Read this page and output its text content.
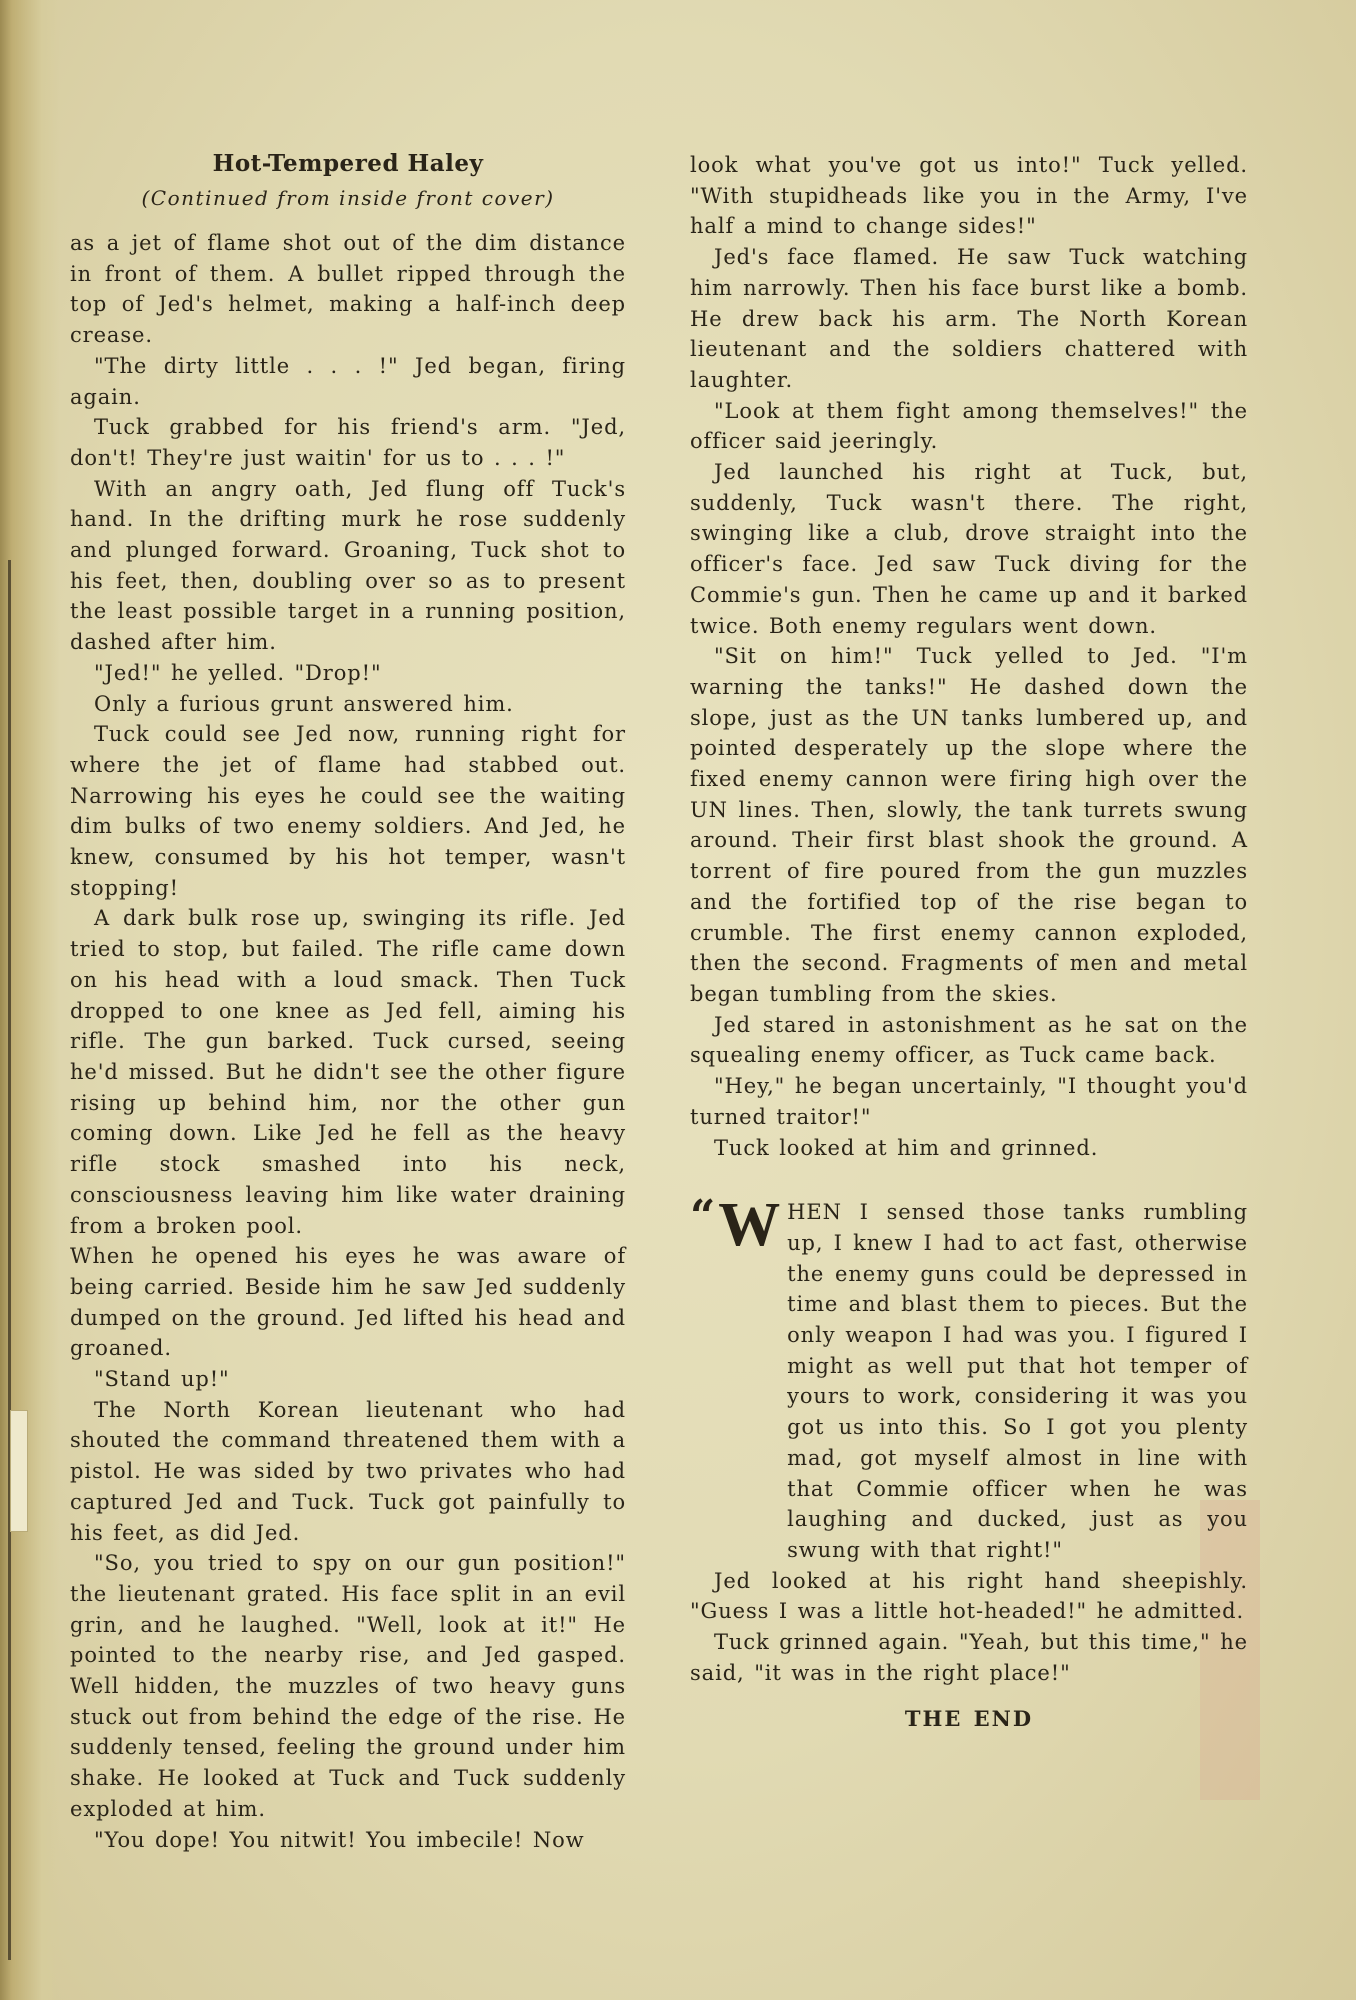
Hot-Tempered Haley

(Continued from inside front cover)

as a jet of flame shot out of the dim distance in front of them. A bullet ripped through the top of Jed's helmet, making a half-inch deep crease.

"The dirty little . . . !" Jed began, firing again.

Tuck grabbed for his friend's arm. "Jed, don't! They're just waitin' for us to . . . !"

With an angry oath, Jed flung off Tuck's hand. In the drifting murk he rose suddenly and plunged forward. Groaning, Tuck shot to his feet, then, doubling over so as to present the least possible target in a running position, dashed after him.

"Jed!" he yelled. "Drop!"

Only a furious grunt answered him.

Tuck could see Jed now, running right for where the jet of flame had stabbed out. Narrowing his eyes he could see the waiting dim bulks of two enemy soldiers. And Jed, he knew, consumed by his hot temper, wasn't stopping!

A dark bulk rose up, swinging its rifle. Jed tried to stop, but failed. The rifle came down on his head with a loud smack. Then Tuck dropped to one knee as Jed fell, aiming his rifle. The gun barked. Tuck cursed, seeing he'd missed. But he didn't see the other figure rising up behind him, nor the other gun coming down. Like Jed he fell as the heavy rifle stock smashed into his neck, consciousness leaving him like water draining from a broken pool.

When he opened his eyes he was aware of being carried. Beside him he saw Jed suddenly dumped on the ground. Jed lifted his head and groaned.

"Stand up!"

The North Korean lieutenant who had shouted the command threatened them with a pistol. He was sided by two privates who had captured Jed and Tuck. Tuck got painfully to his feet, as did Jed.

"So, you tried to spy on our gun position!" the lieutenant grated. His face split in an evil grin, and he laughed. "Well, look at it!" He pointed to the nearby rise, and Jed gasped. Well hidden, the muzzles of two heavy guns stuck out from behind the edge of the rise. He suddenly tensed, feeling the ground under him shake. He looked at Tuck and Tuck suddenly exploded at him.

"You dope! You nitwit! You imbecile! Now

look what you've got us into!" Tuck yelled. "With stupidheads like you in the Army, I've half a mind to change sides!"

Jed's face flamed. He saw Tuck watching him narrowly. Then his face burst like a bomb. He drew back his arm. The North Korean lieutenant and the soldiers chattered with laughter.

"Look at them fight among themselves!" the officer said jeeringly.

Jed launched his right at Tuck, but, suddenly, Tuck wasn't there. The right, swinging like a club, drove straight into the officer's face. Jed saw Tuck diving for the Commie's gun. Then he came up and it barked twice. Both enemy regulars went down.

"Sit on him!" Tuck yelled to Jed. "I'm warning the tanks!" He dashed down the slope, just as the UN tanks lumbered up, and pointed desperately up the slope where the fixed enemy cannon were firing high over the UN lines. Then, slowly, the tank turrets swung around. Their first blast shook the ground. A torrent of fire poured from the gun muzzles and the fortified top of the rise began to crumble. The first enemy cannon exploded, then the second. Fragments of men and metal began tumbling from the skies.

Jed stared in astonishment as he sat on the squealing enemy officer, as Tuck came back.

"Hey," he began uncertainly, "I thought you'd turned traitor!"

Tuck looked at him and grinned.

“ W HEN I sensed those tanks rumbling up, I knew I had to act fast, otherwise the enemy guns could be depressed in time and blast them to pieces. But the only weapon I had was you. I figured I might as well put that hot temper of yours to work, considering it was you got us into this. So I got you plenty mad, got myself almost in line with that Commie officer when he was laughing and ducked, just as you swung with that right!"

Jed looked at his right hand sheepishly. "Guess I was a little hot-headed!" he admitted.

Tuck grinned again. "Yeah, but this time," he said, "it was in the right place!"

THE END
